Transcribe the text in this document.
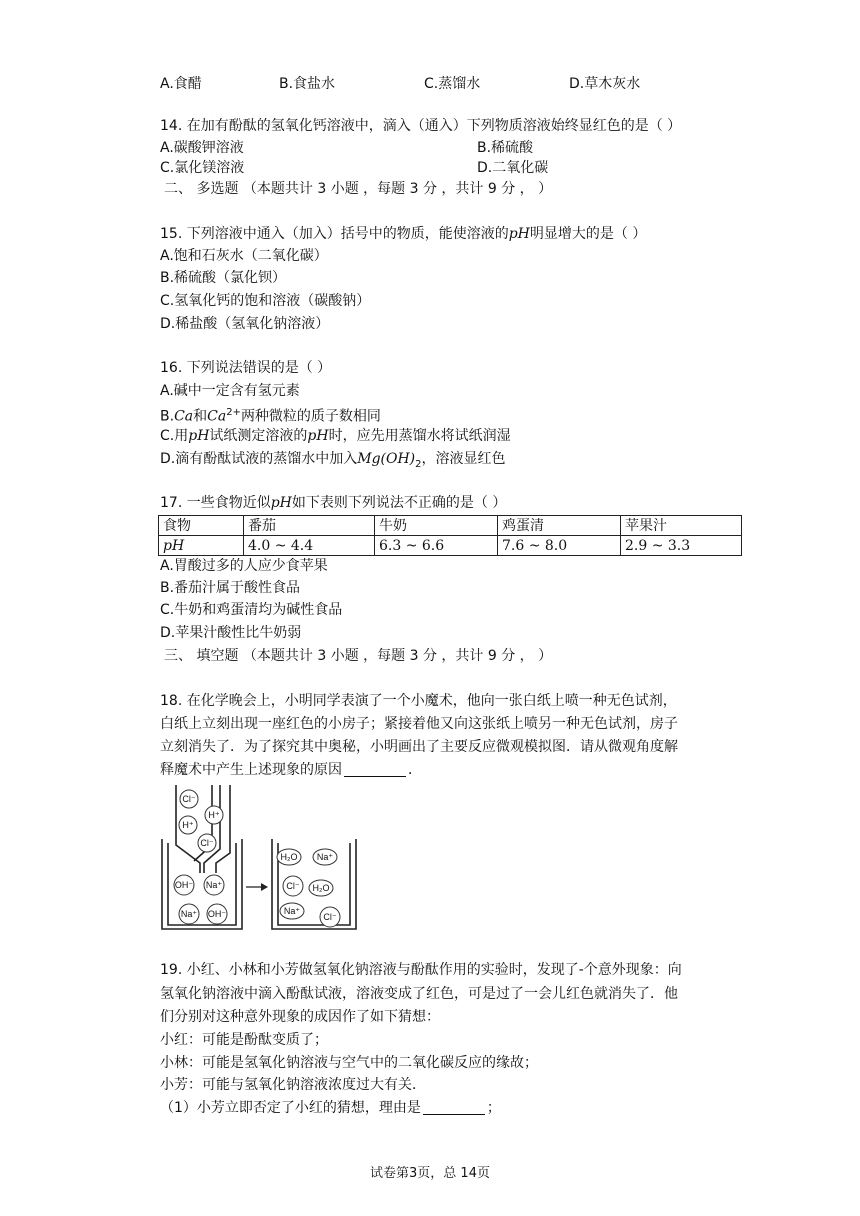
A.食醋	B.食盐水	C.蒸馏水	D.草木灰水
14. 在加有酚酞的氢氧化钙溶液中，滴入（通入）下列物质溶液始终显红色的是（ ）
A.碳酸钾溶液	B.稀硫酸
C.氯化镁溶液	D.二氧化碳
二、 多选题 （本题共计 3 小题 ，每题 3 分 ，共计 9 分 ， ）
15. 下列溶液中通入（加入）括号中的物质，能使溶液的pH明显增大的是（ ）
A.饱和石灰水（二氧化碳）
B.稀硫酸（氯化钡）
C.氢氧化钙的饱和溶液（碳酸钠）
D.稀盐酸（氢氧化钠溶液）
16. 下列说法错误的是（ ）
A.碱中一定含有氢元素
B.Ca和$Ca^{2+}$两种微粒的质子数相同
C.用pH试纸测定溶液的pH时，应先用蒸馏水将试纸润湿
D.滴有酚酞试液的蒸馏水中加入$Mg(OH)_2$，溶液显红色
17. 一些食物近似pH如下表则下列说法不正确的是（ ）
食物	番茄	牛奶	鸡蛋清	苹果汁
pH	4.0 ~ 4.4	6.3 ~ 6.6	7.6 ~ 8.0	2.9 ~ 3.3
A.胃酸过多的人应少食苹果
B.番茄汁属于酸性食品
C.牛奶和鸡蛋清均为碱性食品
D.苹果汁酸性比牛奶弱
三、 填空题 （本题共计 3 小题 ，每题 3 分 ，共计 9 分 ， ）
18. 在化学晚会上，小明同学表演了一个小魔术，他向一张白纸上喷一种无色试剂，
白纸上立刻出现一座红色的小房子；紧接着他又向这张纸上喷另一种无色试剂，房子
立刻消失了．为了探究其中奥秘，小明画出了主要反应微观模拟图．请从微观角度解
释魔术中产生上述现象的原因	．
Cl⁻
H⁺
H⁺
Cl⁻
OH⁻ Na⁺
Na⁺ OH⁻
H₂O Na⁺
Cl⁻ H₂O
Na⁺
Cl⁻
19. 小红、小林和小芳做氢氧化钠溶液与酚酞作用的实验时，发现了-个意外现象：向
氢氧化钠溶液中滴入酚酞试液，溶液变成了红色，可是过了一会儿红色就消失了．他
们分别对这种意外现象的成因作了如下猜想：
小红：可能是酚酞变质了；
小林：可能是氢氧化钠溶液与空气中的二氧化碳反应的缘故；
小芳：可能与氢氧化钠溶液浓度过大有关．
（1）小芳立即否定了小红的猜想，理由是	；
试卷第3页，总 14页
